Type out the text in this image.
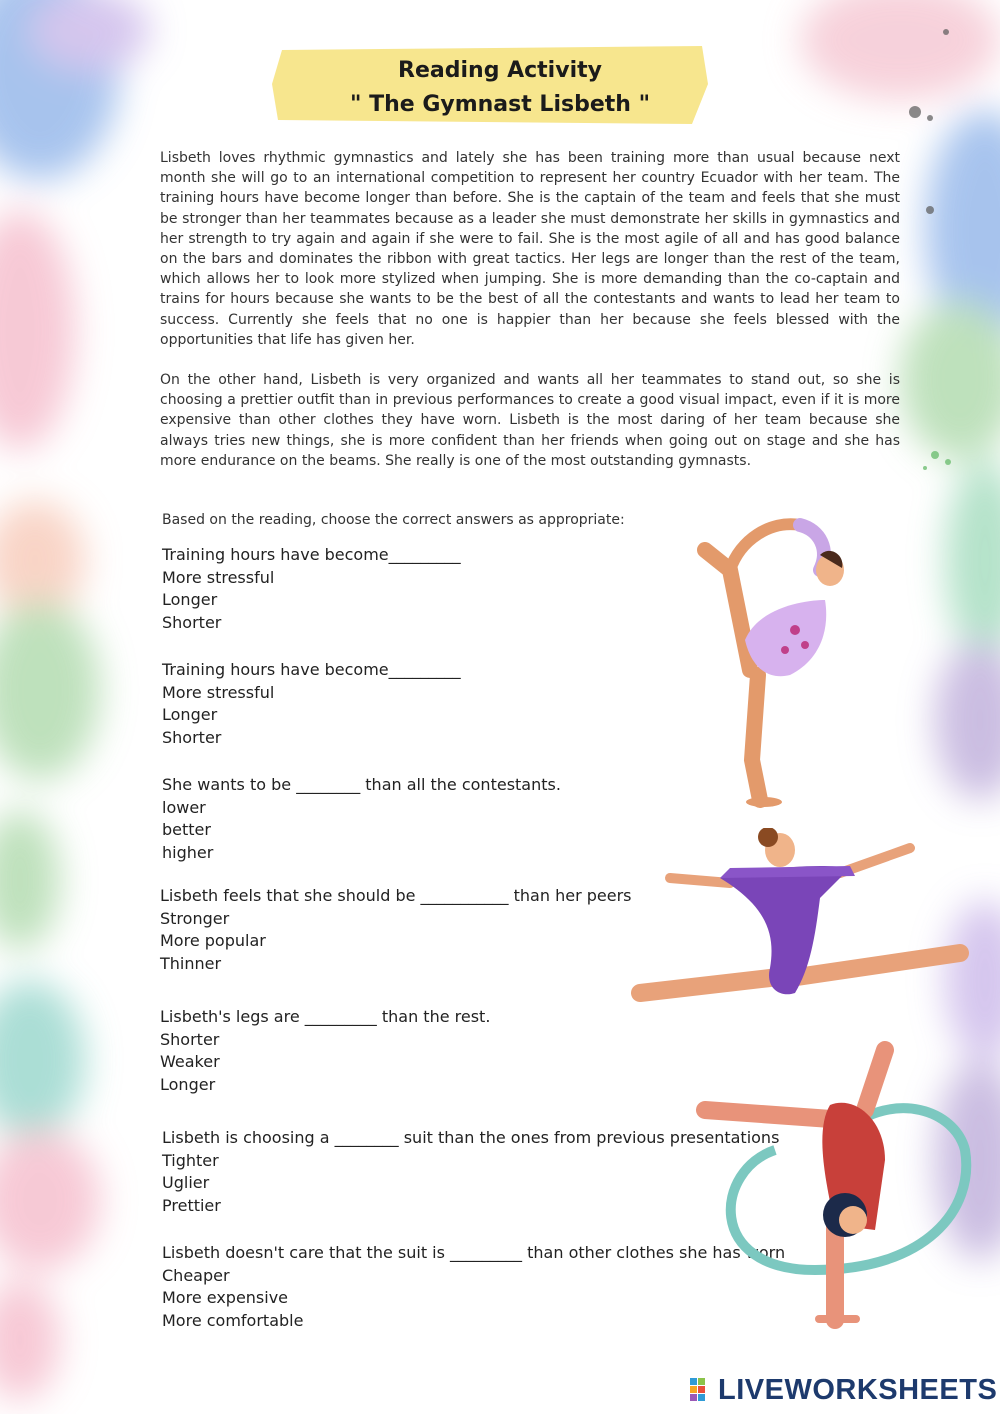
Reading Activity
" The Gymnast Lisbeth "
Lisbeth loves rhythmic gymnastics and lately she has been training more than usual because next month she will go to an international competition to represent her country Ecuador with her team. The training hours have become longer than before. She is the captain of the team and feels that she must be stronger than her teammates because as a leader she must demonstrate her skills in gymnastics and her strength to try again and again if she were to fail. She is the most agile of all and has good balance on the bars and dominates the ribbon with great tactics. Her legs are longer than the rest of the team, which allows her to look more stylized when jumping. She is more demanding than the co-captain and trains for hours because she wants to be the best of all the contestants and wants to lead her team to success. Currently she feels that no one is happier than her because she feels blessed with the opportunities that life has given her.
On the other hand, Lisbeth is very organized and wants all her teammates to stand out, so she is choosing a prettier outfit than in previous performances to create a good visual impact, even if it is more expensive than other clothes they have worn. Lisbeth is the most daring of her team because she always tries new things, she is more confident than her friends when going out on stage and she has more endurance on the beams. She really is one of the most outstanding gymnasts.
Based on the reading, choose the correct answers as appropriate:
Training hours have become_________
More stressful
Longer
Shorter
Training hours have become_________
More stressful
Longer
Shorter
She wants to be ________ than all the contestants.
lower
better
higher
Lisbeth feels that she should be ___________ than her peers
Stronger
More popular
Thinner
Lisbeth's legs are _________ than the rest.
Shorter
Weaker
Longer
Lisbeth is choosing a ________ suit than the ones from previous presentations
Tighter
Uglier
Prettier
Lisbeth doesn't care that the suit is _________ than other clothes she has worn
Cheaper
More expensive
More comfortable
LIVEWORKSHEETS
